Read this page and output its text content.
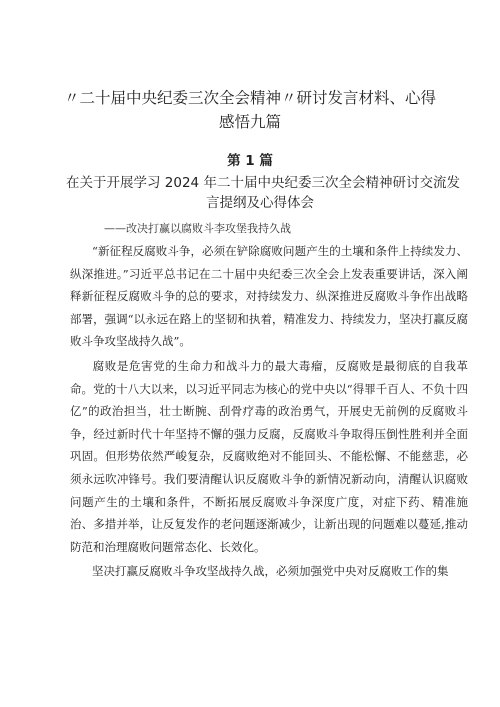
〃二十届中央纪委三次全会精神〃研讨发言材料、心得
感悟九篇
第 1 篇
在关于开展学习 2024 年二十届中央纪委三次全会精神研讨交流发
言提纲及心得体会
——改决打赢以腐败斗李攻堡我持久战

“新征程反腐败斗争，必须在铲除腐败问题产生的土壤和条件上持续发力、纵深推进。”习近平总书记在二十届中央纪委三次全会上发表重要讲话，深入阐释新征程反腐败斗争的总的要求，对持续发力、纵深推进反腐败斗争作出战略部署，强调“以永远在路上的坚韧和执着，精准发力、持续发力，坚决打赢反腐败斗争攻坚战持久战”。

腐败是危害党的生命力和战斗力的最大毒瘤，反腐败是最彻底的自我革命。党的十八大以来，以习近平同志为核心的党中央以“得罪千百人、不负十四亿”的政治担当，壮士断腕、刮骨疗毒的政治勇气，开展史无前例的反腐败斗争，经过新时代十年坚持不懈的强力反腐，反腐败斗争取得压倒性胜利并全面巩固。但形势依然严峻复杂，反腐败绝对不能回头、不能松懈、不能慈悲，必须永远吹冲锋号。我们要清醒认识反腐败斗争的新情况新动向，清醒认识腐败问题产生的土壤和条件，不断拓展反腐败斗争深度广度，对症下药、精准施治、多措并举，让反复发作的老问题逐渐减少，让新出现的问题难以蔓延,推动防范和治理腐败问题常态化、长效化。

坚决打赢反腐败斗争攻坚战持久战，必须加强党中央对反腐败工作的集
